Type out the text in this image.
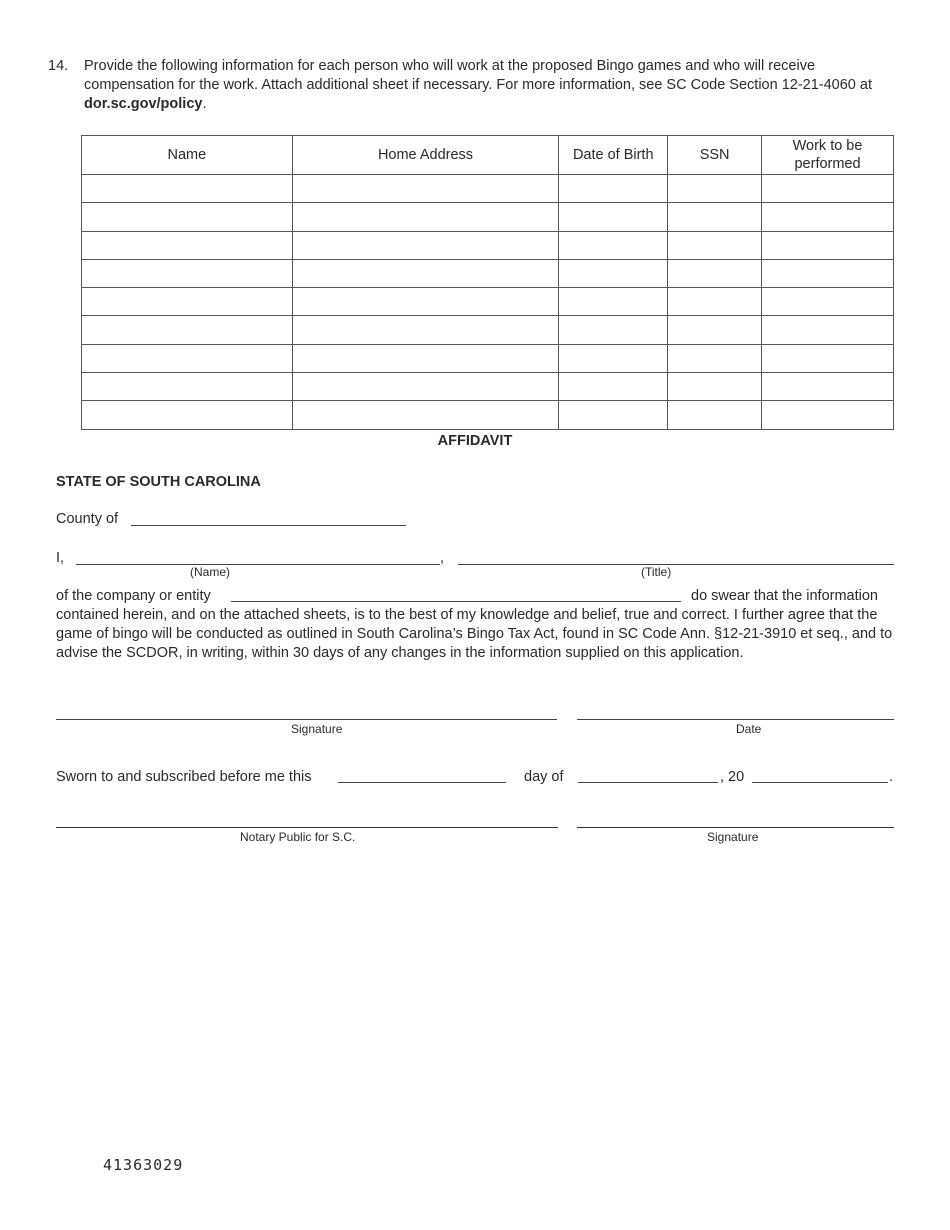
14. Provide the following information for each person who will work at the proposed Bingo games and who will receive compensation for the work. Attach additional sheet if necessary. For more information, see SC Code Section 12-21-4060 at dor.sc.gov/policy.
Name	Home Address	Date of Birth	SSN	Work to be performed

AFFIDAVIT
STATE OF SOUTH CAROLINA
County of
I,	,
(Name)	(Title)
of the company or entity	do swear that the information
contained herein, and on the attached sheets, is to the best of my knowledge and belief, true and correct. I further agree that the game of bingo will be conducted as outlined in South Carolina’s Bingo Tax Act, found in SC Code Ann. §12-21-3910 et seq., and to advise the SCDOR, in writing, within 30 days of any changes in the information supplied on this application.
Signature	Date
Sworn to and subscribed before me this	day of	, 20	.
Notary Public for S.C.	Signature
41363029
